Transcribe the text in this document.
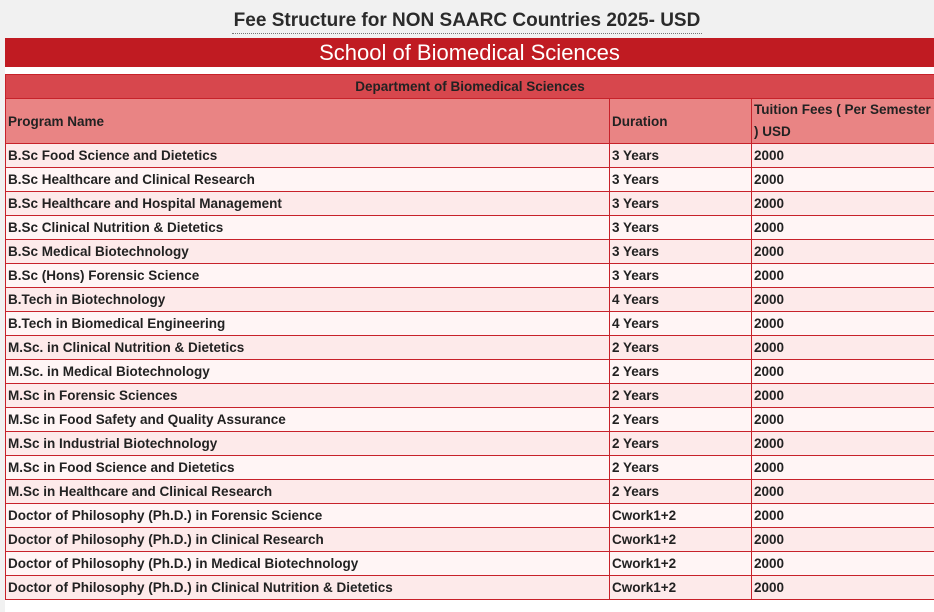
Fee Structure for NON SAARC Countries 2025- USD
School of Biomedical Sciences
Department of Biomedical Sciences		
Program Name	Duration	Tuition Fees ( Per Semester ) USD
B.Sc Food Science and Dietetics	3 Years	2000
B.Sc Healthcare and Clinical Research	3 Years	2000
B.Sc Healthcare and Hospital Management	3 Years	2000
B.Sc Clinical Nutrition & Dietetics	3 Years	2000
B.Sc Medical Biotechnology	3 Years	2000
B.Sc (Hons) Forensic Science	3 Years	2000
B.Tech in Biotechnology	4 Years	2000
B.Tech in Biomedical Engineering	4 Years	2000
M.Sc. in Clinical Nutrition & Dietetics	2 Years	2000
M.Sc. in Medical Biotechnology	2 Years	2000
M.Sc in Forensic Sciences	2 Years	2000
M.Sc in Food Safety and Quality Assurance	2 Years	2000
M.Sc in Industrial Biotechnology	2 Years	2000
M.Sc in Food Science and Dietetics	2 Years	2000
M.Sc in Healthcare and Clinical Research	2 Years	2000
Doctor of Philosophy (Ph.D.) in Forensic Science	Cwork1+2	2000
Doctor of Philosophy (Ph.D.) in Clinical Research	Cwork1+2	2000
Doctor of Philosophy (Ph.D.) in Medical Biotechnology	Cwork1+2	2000
Doctor of Philosophy (Ph.D.) in Clinical Nutrition & Dietetics	Cwork1+2	2000
